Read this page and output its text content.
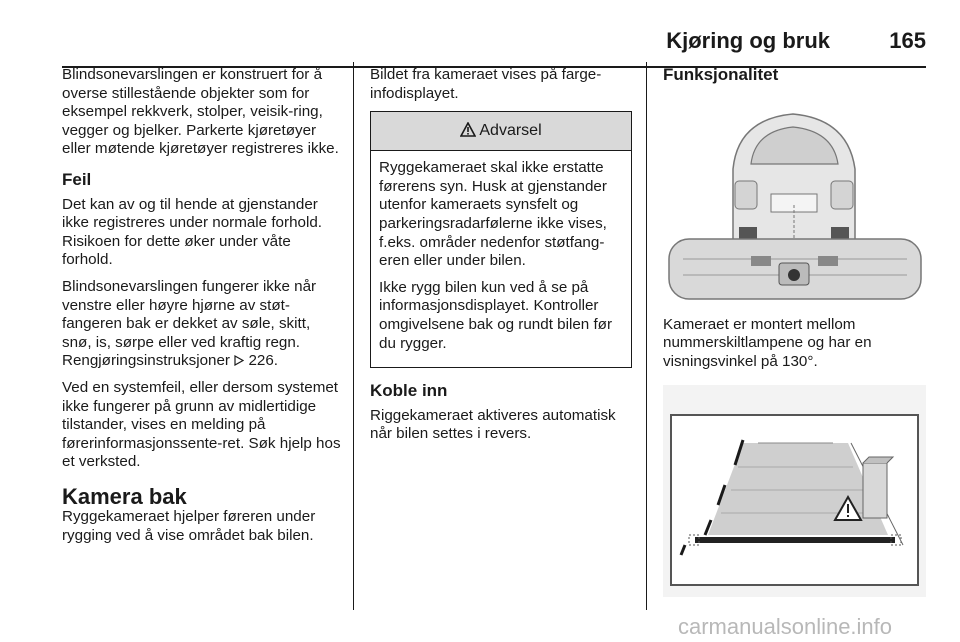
Kjøring og bruk	165

Blindsonevarslingen er konstruert for å overse stillestående objekter som for eksempel rekkverk, stolper, veisik-ring, vegger og bjelker. Parkerte kjøretøyer eller møtende kjøretøyer registreres ikke.

Feil

Det kan av og til hende at gjenstander ikke registreres under normale forhold. Risikoen for dette øker under våte forhold.

Blindsonevarslingen fungerer ikke når venstre eller høyre hjørne av støt-fangeren bak er dekket av søle, skitt, snø, is, sørpe eller ved kraftig regn. Rengjøringsinstruksjoner  226.

Ved en systemfeil, eller dersom systemet ikke fungerer på grunn av midlertidige tilstander, vises en melding på førerinformasjonssente-ret. Søk hjelp hos et verksted.

Kamera bak

Ryggekameraet hjelper føreren under rygging ved å vise området bak bilen.

Bildet fra kameraet vises på farge-infodisplayet.

Advarsel

Ryggekameraet skal ikke erstatte førerens syn. Husk at gjenstander utenfor kameraets synsfelt og parkeringsradarfølerne ikke vises, f.eks. områder nedenfor støtfang-eren eller under bilen.

Ikke rygg bilen kun ved å se på informasjonsdisplayet. Kontroller omgivelsene bak og rundt bilen før du rygger.

Koble inn

Riggekameraet aktiveres automatisk når bilen settes i revers.

Funksjonalitet

Kameraet er montert mellom nummerskiltlampene og har en visningsvinkel på 130°.

carmanualsonline.info
